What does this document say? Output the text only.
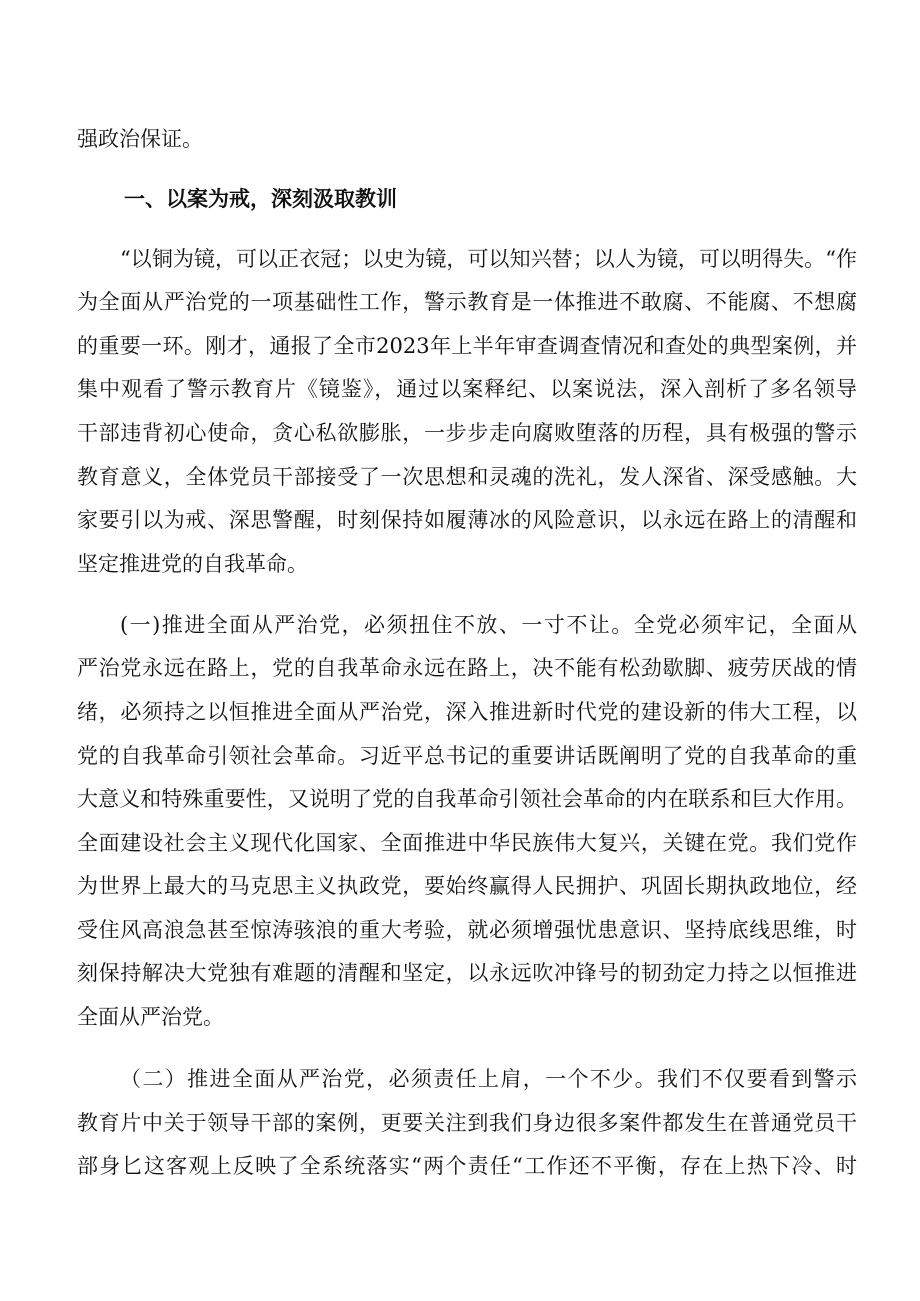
强政治保证。
一、以案为戒，深刻汲取教训
“以铜为镜，可以正衣冠；以史为镜，可以知兴替；以人为镜，可以明得失。“作
为全面从严治党的一项基础性工作，警示教育是一体推进不敢腐、不能腐、不想腐
的重要一环。刚才，通报了全市2023年上半年审查调查情况和查处的典型案例，并
集中观看了警示教育片《镜鉴》，通过以案释纪、以案说法，深入剖析了多名领导
干部违背初心使命，贪心私欲膨胀，一步步走向腐败堕落的历程，具有极强的警示
教育意义，全体党员干部接受了一次思想和灵魂的洗礼，发人深省、深受感触。大
家要引以为戒、深思警醒，时刻保持如履薄冰的风险意识，以永远在路上的清醒和
坚定推进党的自我革命。
(一)推进全面从严治党，必须扭住不放、一寸不让。全党必须牢记，全面从
严治党永远在路上，党的自我革命永远在路上，决不能有松劲歇脚、疲劳厌战的情
绪，必须持之以恒推进全面从严治党，深入推进新时代党的建设新的伟大工程，以
党的自我革命引领社会革命。习近平总书记的重要讲话既阐明了党的自我革命的重
大意义和特殊重要性，又说明了党的自我革命引领社会革命的内在联系和巨大作用。
全面建设社会主义现代化国家、全面推进中华民族伟大复兴，关键在党。我们党作
为世界上最大的马克思主义执政党，要始终赢得人民拥护、巩固长期执政地位，经
受住风高浪急甚至惊涛骇浪的重大考验，就必须增强忧患意识、坚持底线思维，时
刻保持解决大党独有难题的清醒和坚定，以永远吹冲锋号的韧劲定力持之以恒推进
全面从严治党。
（二）推进全面从严治党，必须责任上肩，一个不少。我们不仅要看到警示
教育片中关于领导干部的案例，更要关注到我们身边很多案件都发生在普通党员干
部身匕这客观上反映了全系统落实“两个责任“工作还不平衡，存在上热下冷、时
